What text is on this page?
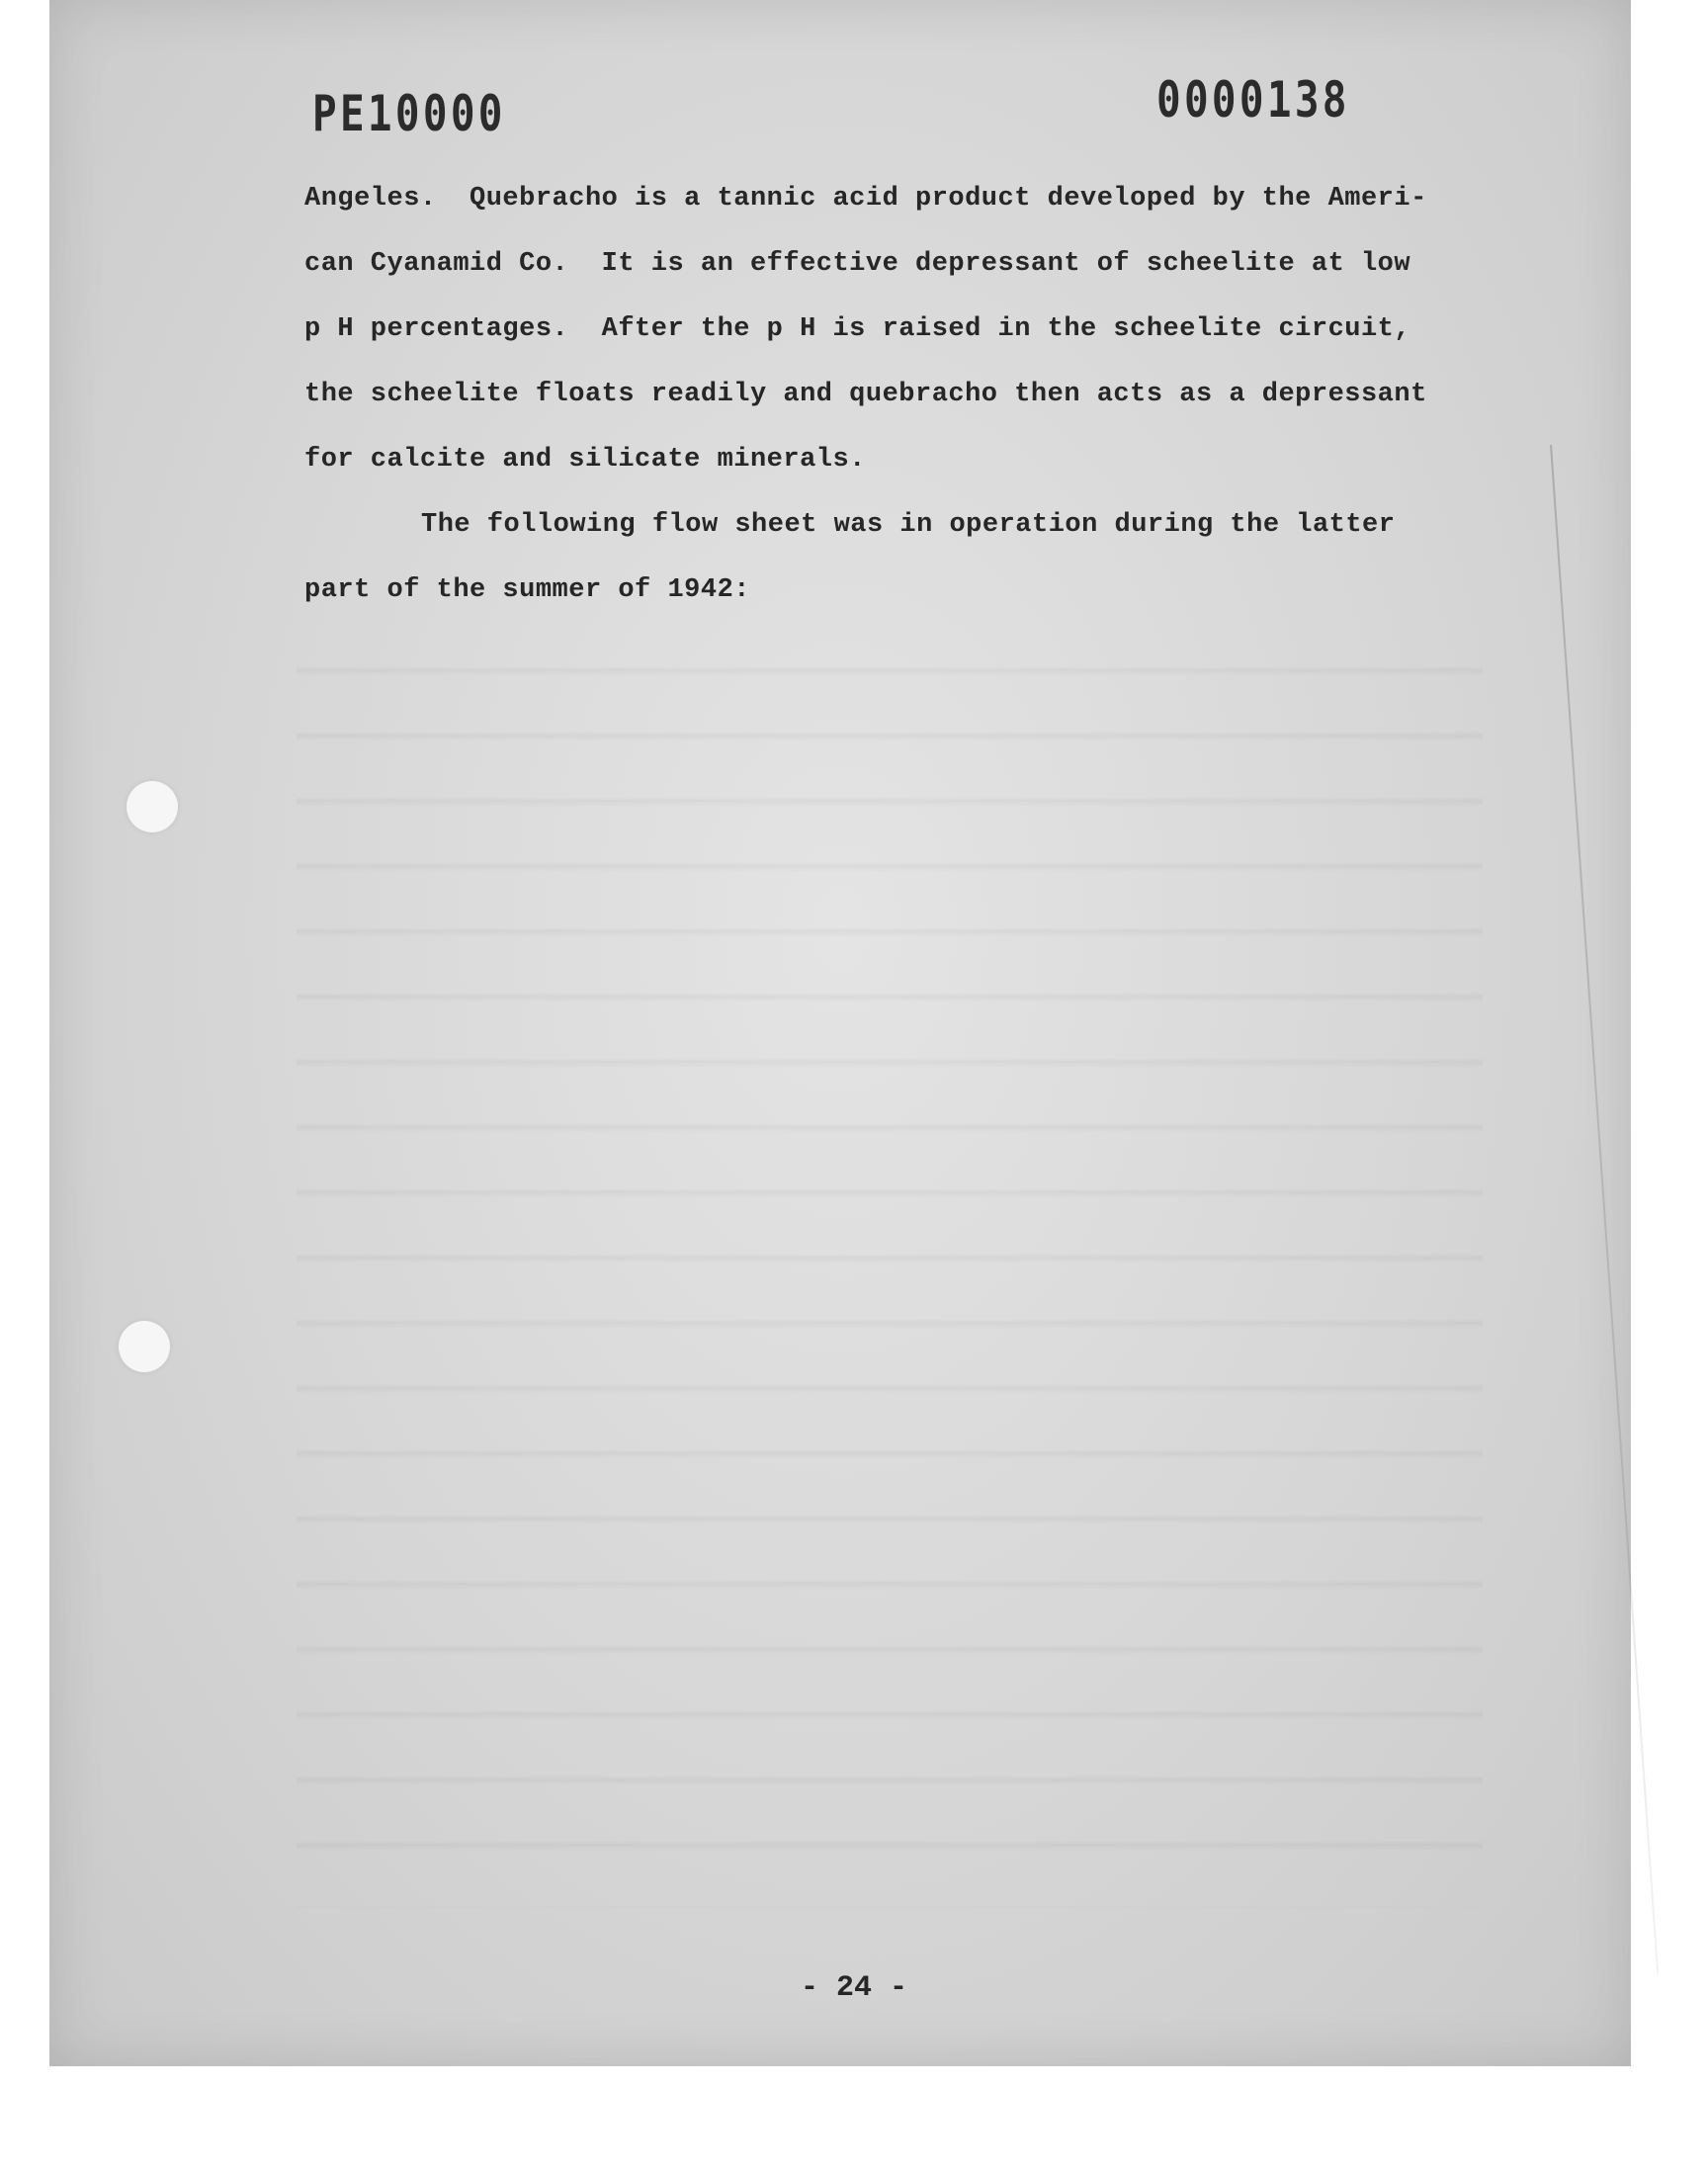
PE10000	0000138
Angeles.  Quebracho is a tannic acid product developed by the Ameri-
can Cyanamid Co.  It is an effective depressant of scheelite at low
p H percentages.  After the p H is raised in the scheelite circuit,
the scheelite floats readily and quebracho then acts as a depressant
for calcite and silicate minerals.
The following flow sheet was in operation during the latter
part of the summer of 1942:
- 24 -
